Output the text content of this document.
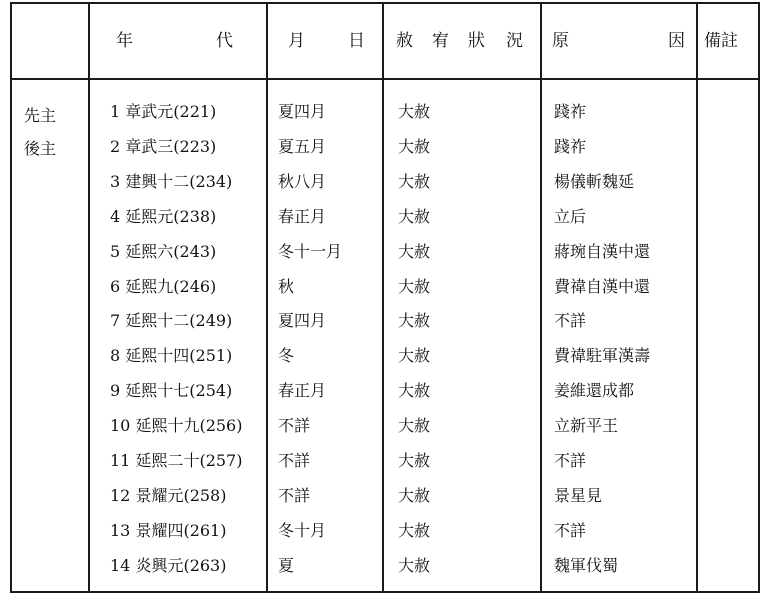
年	代	月 日 赦 宥 狀 況 原	因 備註
先主
後主
1 章武元(221)	夏四月	大赦	踐祚
2 章武三(223)	夏五月	大赦	踐祚
3 建興十二(234)	秋八月	大赦	楊儀斬魏延
4 延熙元(238)	春正月	大赦	立后
5 延熙六(243)	冬十一月	大赦	蔣琬自漢中還
6 延熙九(246)	秋	大赦	費禕自漢中還
7 延熙十二(249)	夏四月	大赦	不詳
8 延熙十四(251)	冬	大赦	費禕駐軍漢壽
9 延熙十七(254)	春正月	大赦	姜維還成都
10 延熙十九(256) 不詳	大赦	立新平王
11 延熙二十(257) 不詳	大赦	不詳
12 景耀元(258)	不詳	大赦	景星見
13 景耀四(261)	冬十月	大赦	不詳
14 炎興元(263)	夏	大赦	魏軍伐蜀
